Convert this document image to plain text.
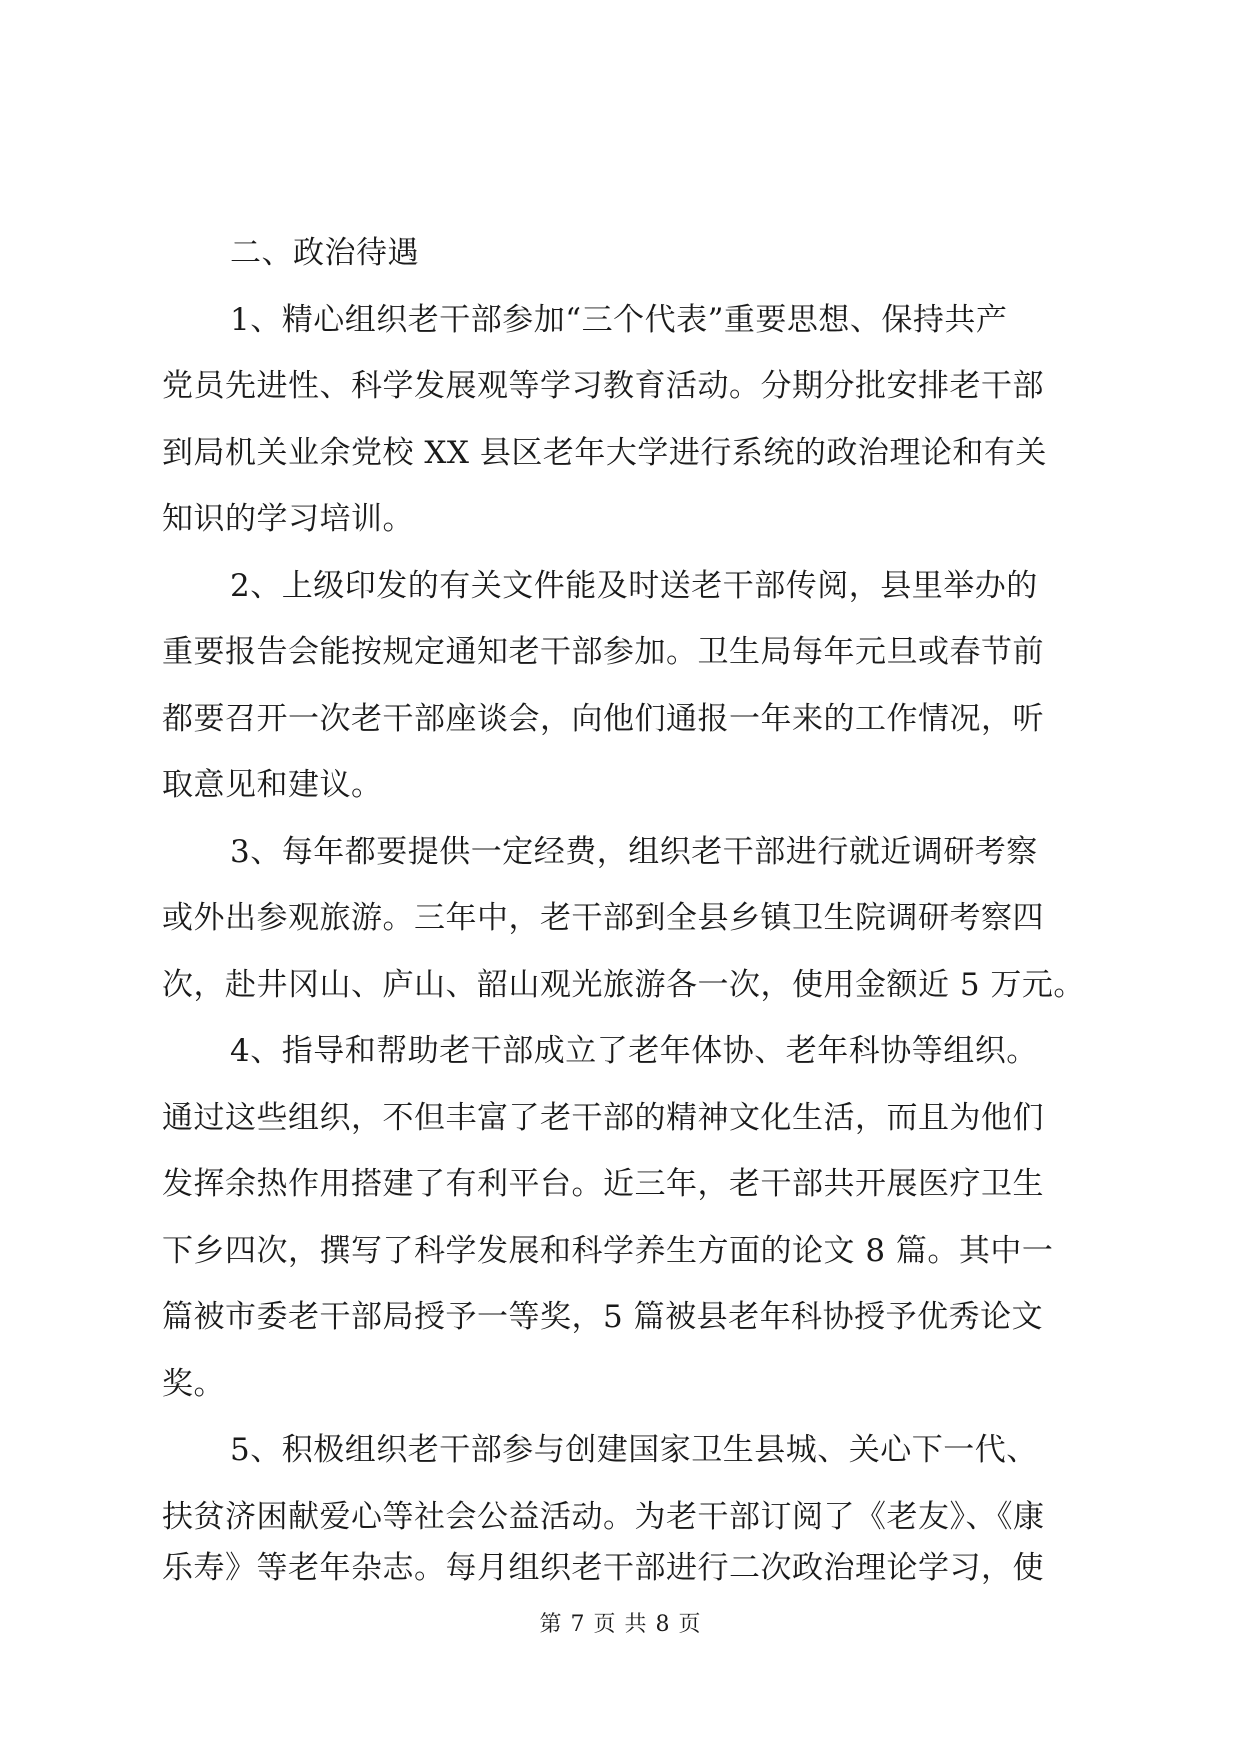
二、政治待遇
1、精心组织老干部参加“三个代表”重要思想、保持共产
党员先进性、科学发展观等学习教育活动。分期分批安排老干部
到局机关业余党校 XX 县区老年大学进行系统的政治理论和有关
知识的学习培训。
2、上级印发的有关文件能及时送老干部传阅，县里举办的
重要报告会能按规定通知老干部参加。卫生局每年元旦或春节前
都要召开一次老干部座谈会，向他们通报一年来的工作情况，听
取意见和建议。
3、每年都要提供一定经费，组织老干部进行就近调研考察
或外出参观旅游。三年中，老干部到全县乡镇卫生院调研考察四
次，赴井冈山、庐山、韶山观光旅游各一次，使用金额近 5 万元。
4、指导和帮助老干部成立了老年体协、老年科协等组织。
通过这些组织，不但丰富了老干部的精神文化生活，而且为他们
发挥余热作用搭建了有利平台。近三年，老干部共开展医疗卫生
下乡四次，撰写了科学发展和科学养生方面的论文 8 篇。其中一
篇被市委老干部局授予一等奖，5 篇被县老年科协授予优秀论文
奖。
5、积极组织老干部参与创建国家卫生县城、关心下一代、
扶贫济困献爱心等社会公益活动。为老干部订阅了《老友》、《康
乐寿》等老年杂志。每月组织老干部进行二次政治理论学习，使
第 7 页 共 8 页
